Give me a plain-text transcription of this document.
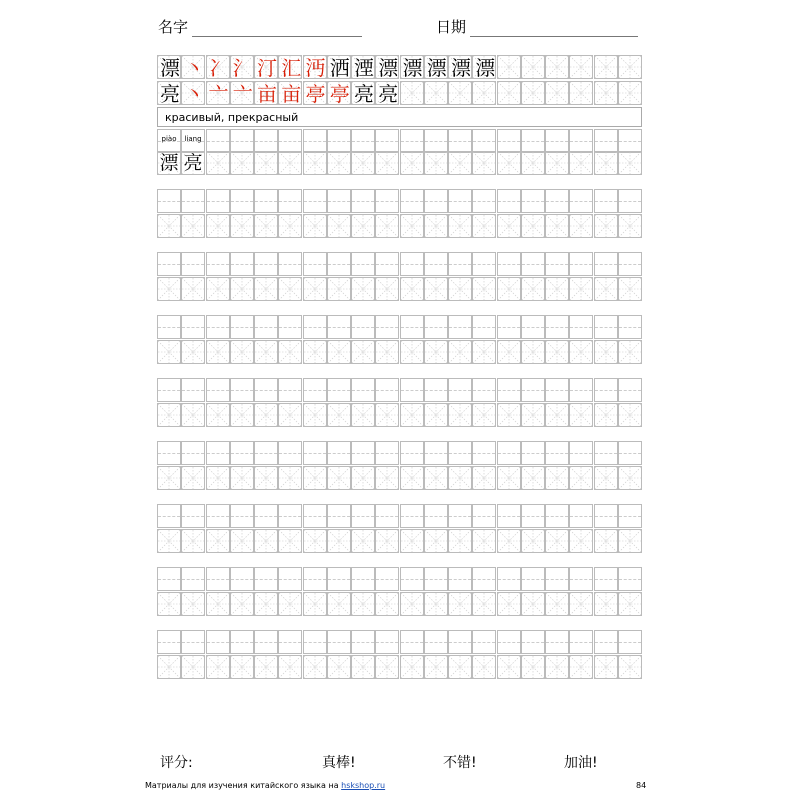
名字	日期
красивый, прекрасный
piào	liang
评分:	真棒!	不错!	加油!
Матриалы для изучения китайского языка на hskshop.ru	84
漂
亮
丶
丶
冫
亠
氵
亠
汀
亩
汇
亩
沔
亭
洒
亭
湮
亮
漂
亮
漂 漂 漂 漂
漂 亮
